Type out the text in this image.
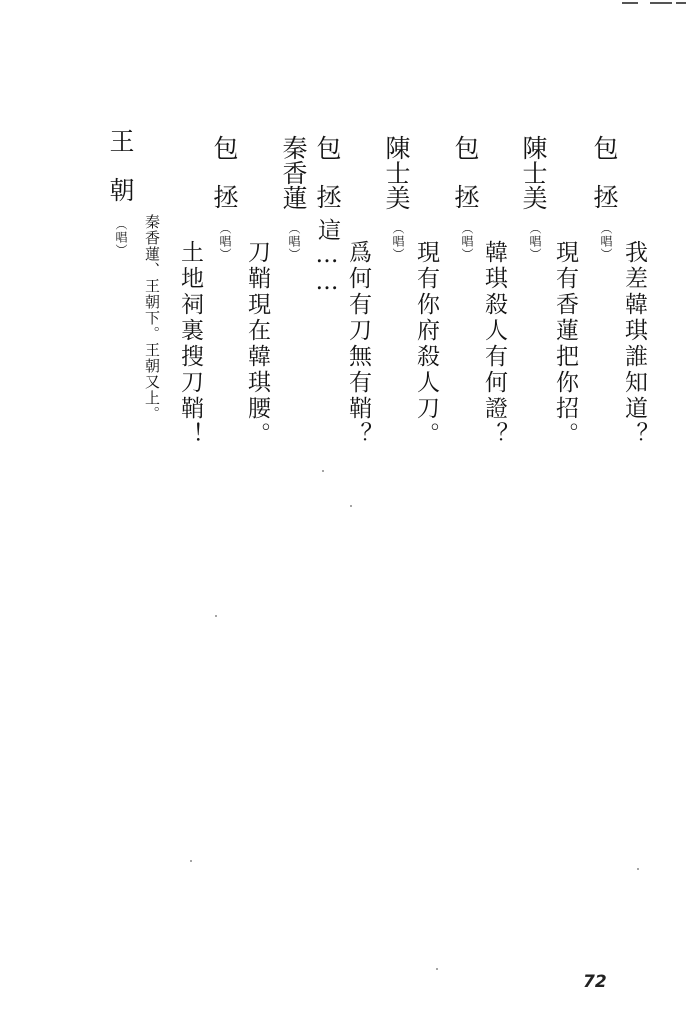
包拯
（唱） 我差韓琪誰知道？
陳士美
（唱） 現有香蓮把你招。
包拯
（唱） 韓琪殺人有何證？
陳士美
（唱） 現有你府殺人刀。
包拯
這…… 爲何有刀無有鞘？
秦香蓮
（唱）
刀鞘現在韓琪腰。
包拯
（唱）
土地祠裏搜刀鞘！
秦香蓮、王朝下。王朝又上。
王朝
（唱）
72
